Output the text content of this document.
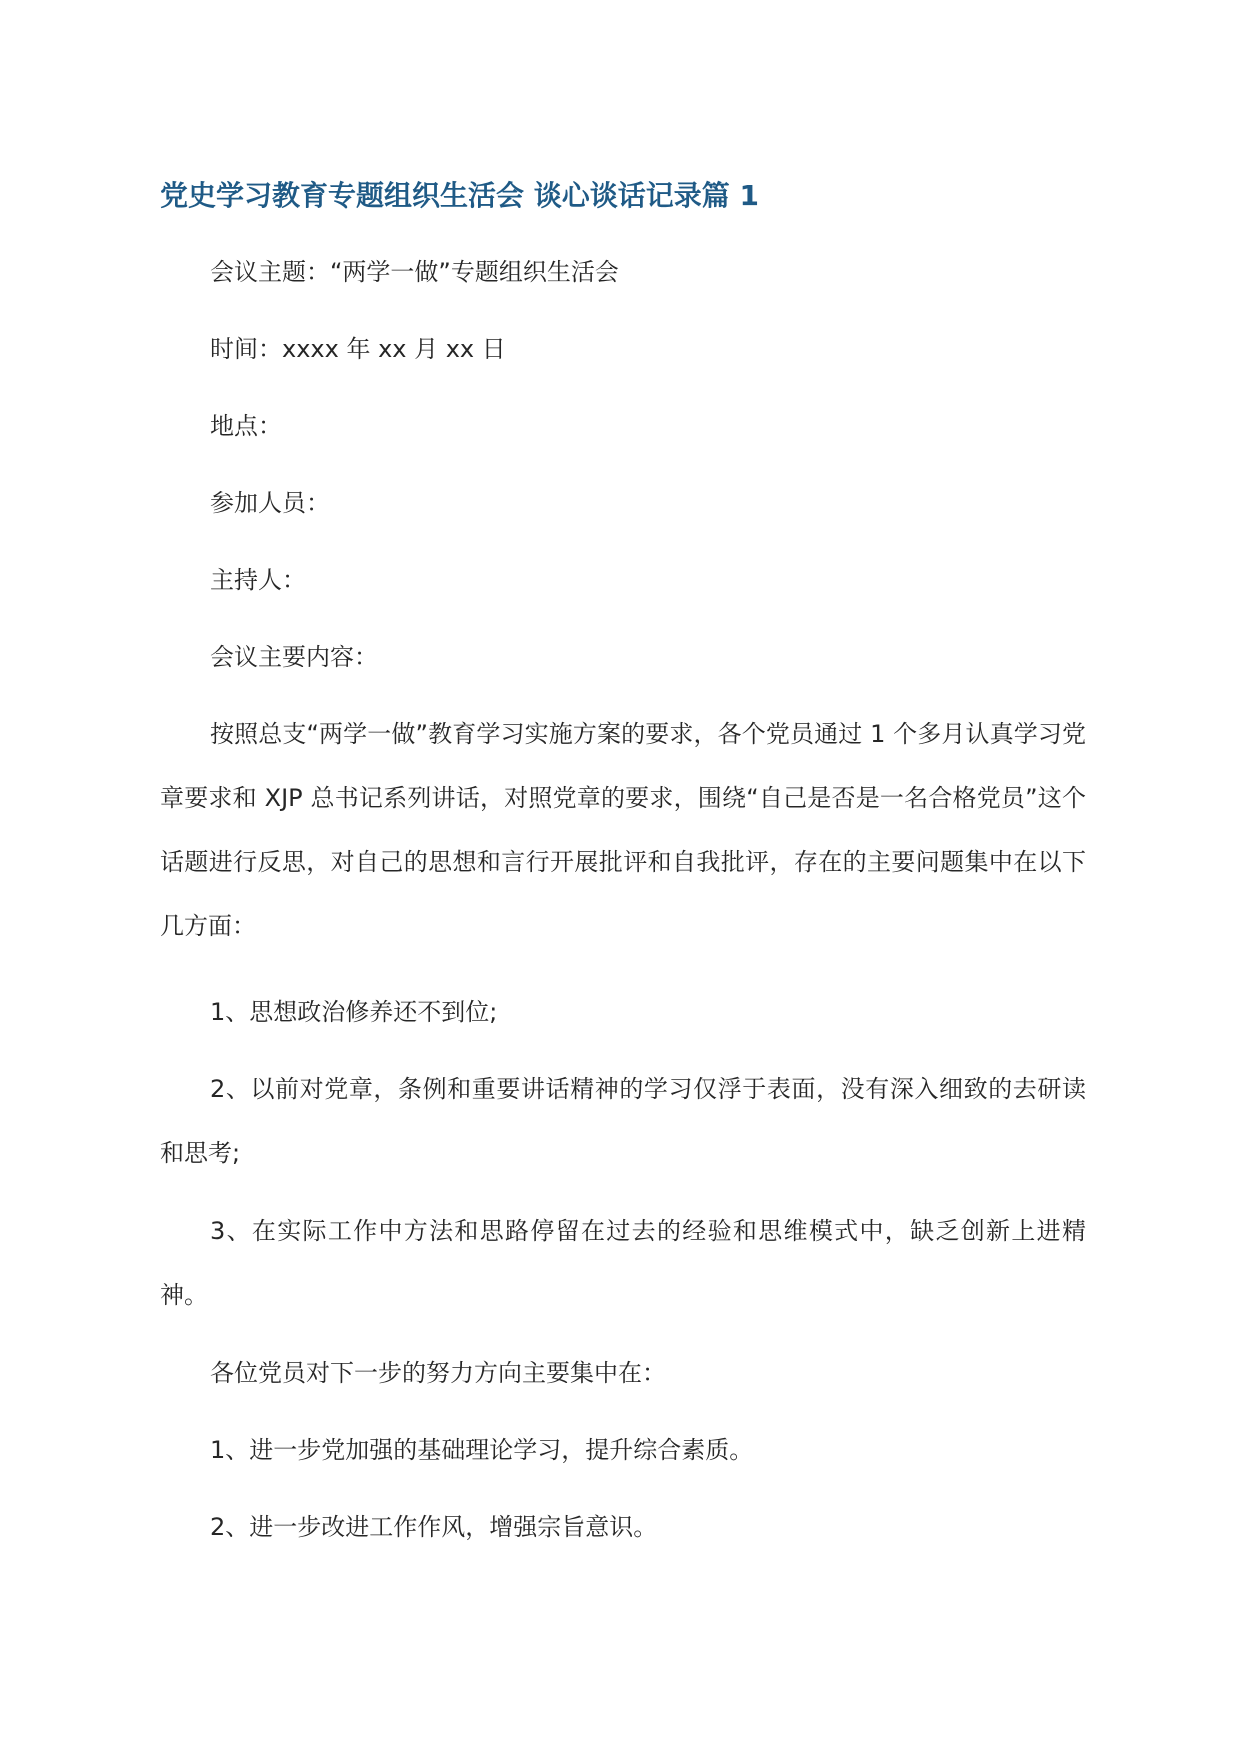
党史学习教育专题组织生活会 谈心谈话记录篇 1

会议主题：“两学一做”专题组织生活会

时间：xxxx 年 xx 月 xx 日

地点：

参加人员：

主持人：

会议主要内容：

按照总支“两学一做”教育学习实施方案的要求，各个党员通过 1 个多月认真学习党章要求和 XJP 总书记系列讲话，对照党章的要求，围绕“自己是否是一名合格党员”这个话题进行反思，对自己的思想和言行开展批评和自我批评，存在的主要问题集中在以下几方面：

1、思想政治修养还不到位;

2、以前对党章，条例和重要讲话精神的学习仅浮于表面，没有深入细致的去研读和思考;

3、在实际工作中方法和思路停留在过去的经验和思维模式中，缺乏创新上进精神。

各位党员对下一步的努力方向主要集中在：

1、进一步党加强的基础理论学习，提升综合素质。

2、进一步改进工作作风，增强宗旨意识。
